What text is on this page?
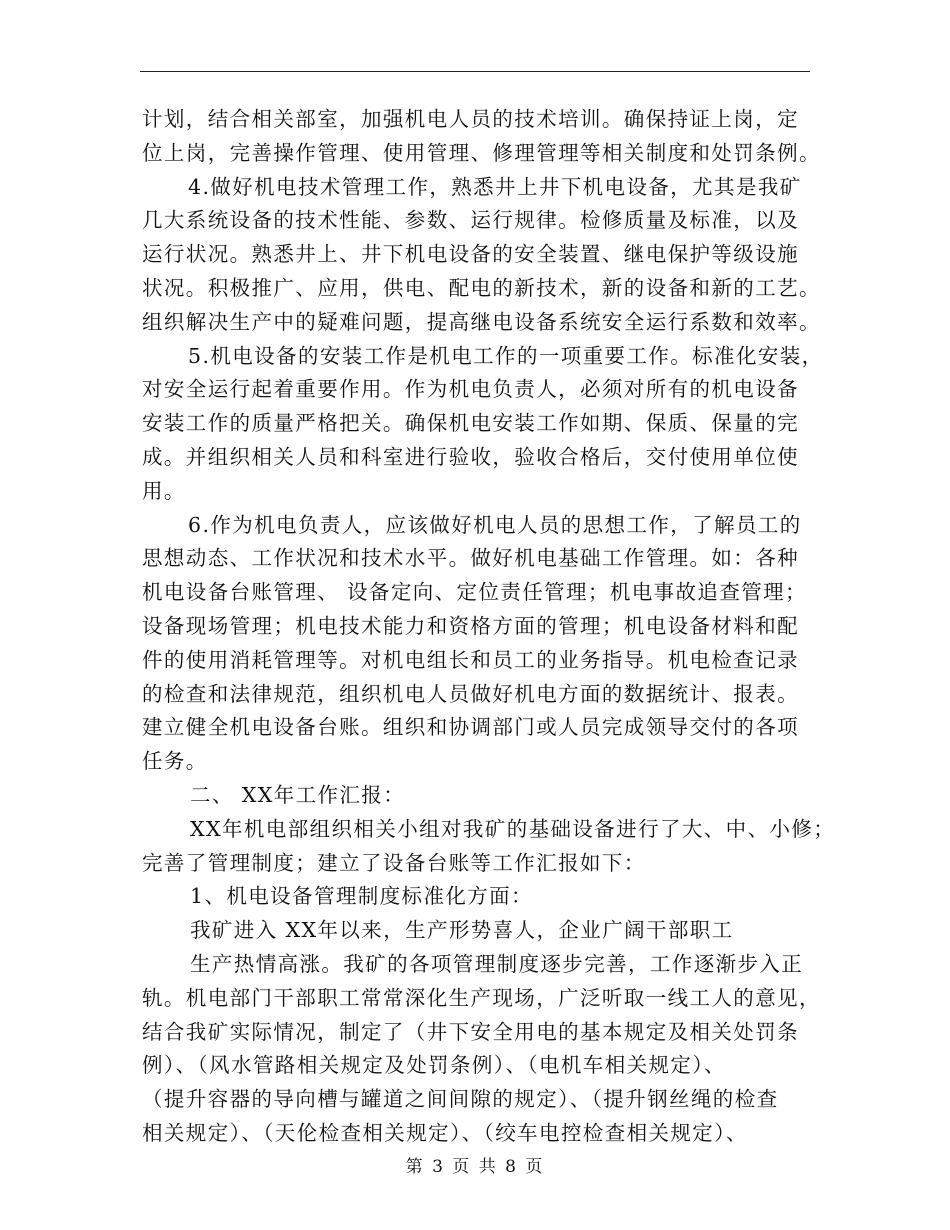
计划，结合相关部室，加强机电人员的技术培训。确保持证上岗，定
位上岗，完善操作管理、使用管理、修理管理等相关制度和处罚条例。
4.做好机电技术管理工作，熟悉井上井下机电设备，尤其是我矿
几大系统设备的技术性能、参数、运行规律。检修质量及标准，以及
运行状况。熟悉井上、井下机电设备的安全装置、继电保护等级设施
状况。积极推广、应用，供电、配电的新技术，新的设备和新的工艺。
组织解决生产中的疑难问题，提高继电设备系统安全运行系数和效率。
5.机电设备的安装工作是机电工作的一项重要工作。标准化安装，
对安全运行起着重要作用。作为机电负责人，必须对所有的机电设备
安装工作的质量严格把关。确保机电安装工作如期、保质、保量的完
成。并组织相关人员和科室进行验收，验收合格后，交付使用单位使
用。
6.作为机电负责人，应该做好机电人员的思想工作，了解员工的
思想动态、工作状况和技术水平。做好机电基础工作管理。如：各种
机电设备台账管理、 设备定向、定位责任管理；机电事故追查管理；
设备现场管理；机电技术能力和资格方面的管理；机电设备材料和配
件的使用消耗管理等。对机电组长和员工的业务指导。机电检查记录
的检查和法律规范，组织机电人员做好机电方面的数据统计、报表。
建立健全机电设备台账。组织和协调部门或人员完成领导交付的各项
任务。
二、 XX年工作汇报：
XX年机电部组织相关小组对我矿的基础设备进行了大、中、小修；
完善了管理制度；建立了设备台账等工作汇报如下：
1、机电设备管理制度标准化方面：
我矿进入 XX年以来，生产形势喜人，企业广阔干部职工
生产热情高涨。我矿的各项管理制度逐步完善，工作逐渐步入正
轨。机电部门干部职工常常深化生产现场，广泛听取一线工人的意见，
结合我矿实际情况，制定了（井下安全用电的基本规定及相关处罚条
例）、（风水管路相关规定及处罚条例）、（电机车相关规定）、
（提升容器的导向槽与罐道之间间隙的规定）、（提升钢丝绳的检查
相关规定）、（天伦检查相关规定）、（绞车电控检查相关规定）、
第 3 页 共 8 页
